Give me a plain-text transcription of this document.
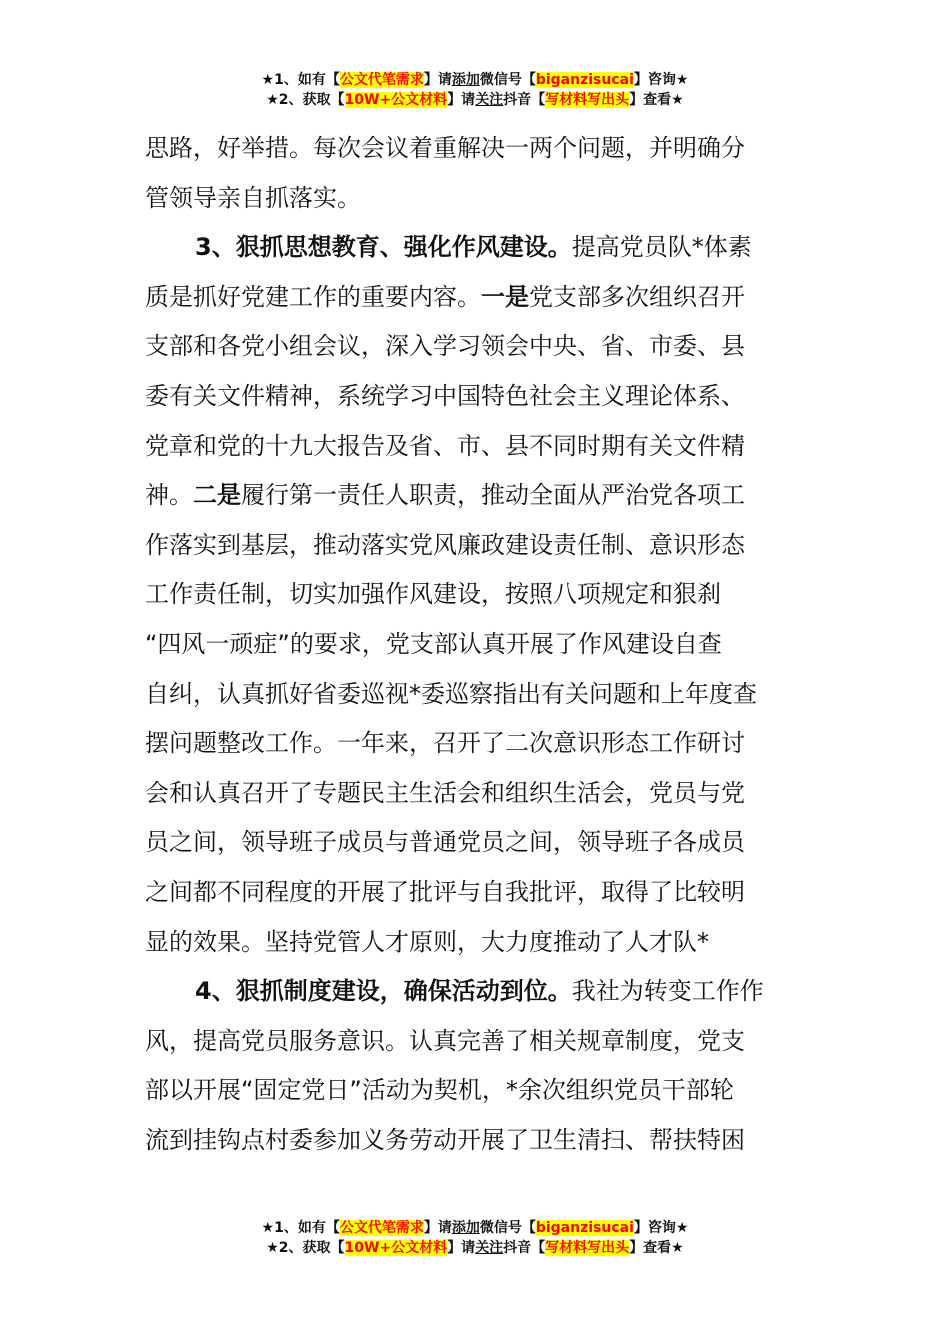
★1、如有【公文代笔需求】请添加微信号【biganzisucai】咨询★
★2、获取【10W+公文材料】请关注抖音【写材料写出头】查看★
思路，好举措。每次会议着重解决一两个问题，并明确分
管领导亲自抓落实。
3、狠抓思想教育、强化作风建设。提高党员队*体素
质是抓好党建工作的重要内容。一是党支部多次组织召开
支部和各党小组会议，深入学习领会中央、省、市委、县
委有关文件精神，系统学习中国特色社会主义理论体系、
党章和党的十九大报告及省、市、县不同时期有关文件精
神。二是履行第一责任人职责，推动全面从严治党各项工
作落实到基层，推动落实党风廉政建设责任制、意识形态
工作责任制，切实加强作风建设，按照八项规定和狠刹
“四风一顽症”的要求，党支部认真开展了作风建设自查
自纠，认真抓好省委巡视*委巡察指出有关问题和上年度查
摆问题整改工作。一年来，召开了二次意识形态工作研讨
会和认真召开了专题民主生活会和组织生活会，党员与党
员之间，领导班子成员与普通党员之间，领导班子各成员
之间都不同程度的开展了批评与自我批评，取得了比较明
显的效果。坚持党管人才原则，大力度推动了人才队*
4、狠抓制度建设，确保活动到位。我社为转变工作作
风，提高党员服务意识。认真完善了相关规章制度，党支
部以开展“固定党日”活动为契机，*余次组织党员干部轮
流到挂钩点村委参加义务劳动开展了卫生清扫、帮扶特困
★1、如有【公文代笔需求】请添加微信号【biganzisucai】咨询★
★2、获取【10W+公文材料】请关注抖音【写材料写出头】查看★
